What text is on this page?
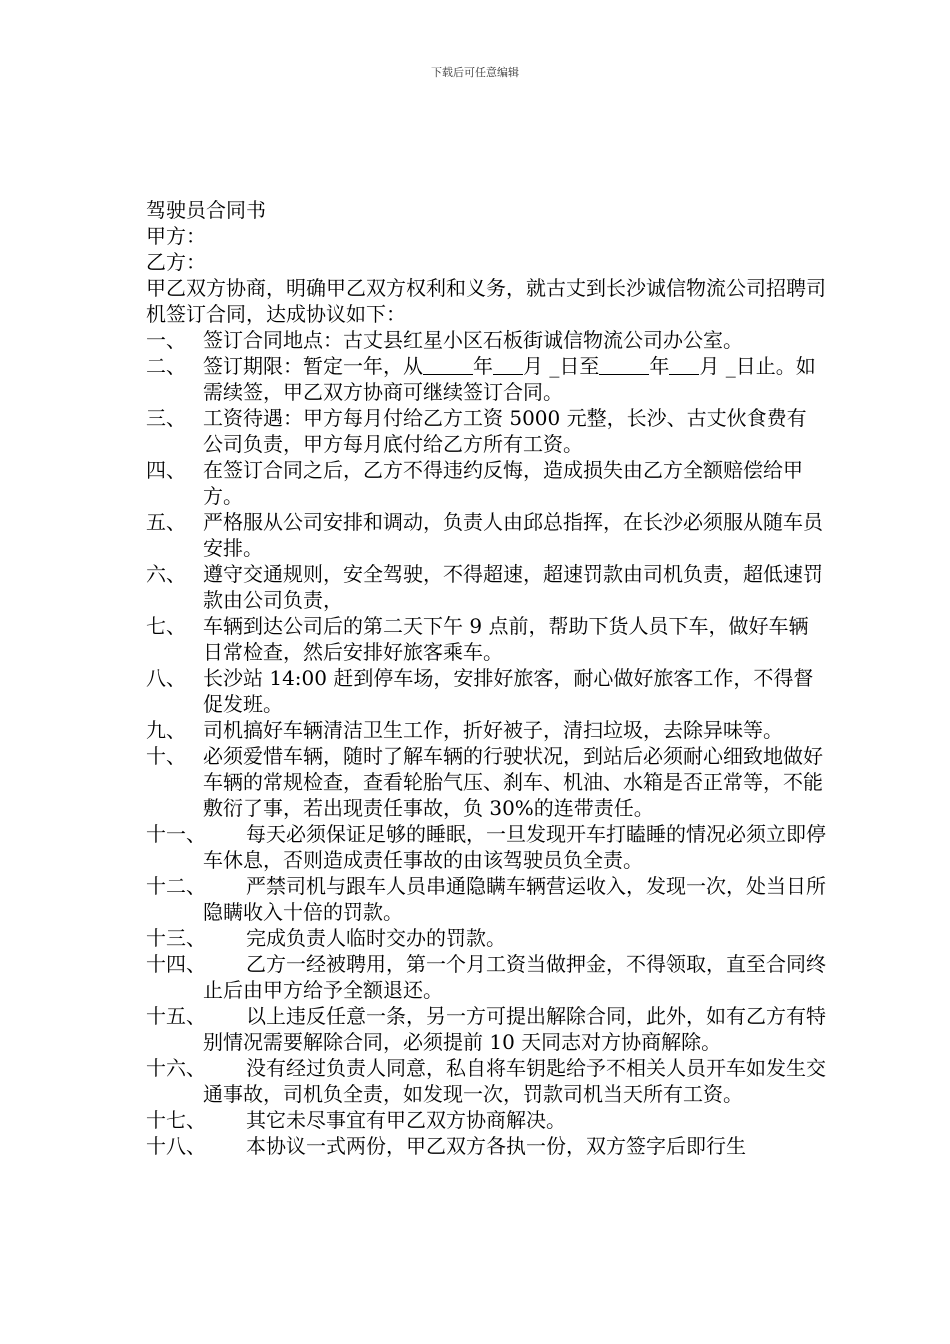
下载后可任意编辑
驾驶员合同书
甲方：
乙方：
甲乙双方协商，明确甲乙双方权利和义务，就古丈到长沙诚信物流公司招聘司机签订合同，达成协议如下：
一、 签订合同地点：古丈县红星小区石板街诚信物流公司办公室。
二、 签订期限：暂定一年，从	年 月 _日至	年 月 _日止。如需续签，甲乙双方协商可继续签订合同。
三、 工资待遇：甲方每月付给乙方工资 5000 元整，长沙、古丈伙食费有公司负责，甲方每月底付给乙方所有工资。
四、 在签订合同之后，乙方不得违约反悔，造成损失由乙方全额赔偿给甲方。
五、 严格服从公司安排和调动，负责人由邱总指挥，在长沙必须服从随车员安排。
六、 遵守交通规则，安全驾驶，不得超速，超速罚款由司机负责，超低速罚款由公司负责，
七、 车辆到达公司后的第二天下午 9 点前，帮助下货人员下车，做好车辆日常检查，然后安排好旅客乘车。
八、 长沙站 14:00 赶到停车场，安排好旅客，耐心做好旅客工作，不得督促发班。
九、 司机搞好车辆清洁卫生工作，折好被子，清扫垃圾，去除异味等。
十、 必须爱惜车辆，随时了解车辆的行驶状况，到站后必须耐心细致地做好车辆的常规检查，查看轮胎气压、刹车、机油、水箱是否正常等，不能敷衍了事，若出现责任事故，负 30%的连带责任。
十一、	每天必须保证足够的睡眠，一旦发现开车打瞌睡的情况必须立即停车休息，否则造成责任事故的由该驾驶员负全责。
十二、	严禁司机与跟车人员串通隐瞒车辆营运收入，发现一次，处当日所隐瞒收入十倍的罚款。
十三、	完成负责人临时交办的罚款。
十四、	乙方一经被聘用，第一个月工资当做押金，不得领取，直至合同终止后由甲方给予全额退还。
十五、	以上违反任意一条，另一方可提出解除合同，此外，如有乙方有特别情况需要解除合同，必须提前 10 天同志对方协商解除。
十六、	没有经过负责人同意，私自将车钥匙给予不相关人员开车如发生交通事故，司机负全责，如发现一次，罚款司机当天所有工资。
十七、	其它未尽事宜有甲乙双方协商解决。
十八、	本协议一式两份，甲乙双方各执一份，双方签字后即行生
